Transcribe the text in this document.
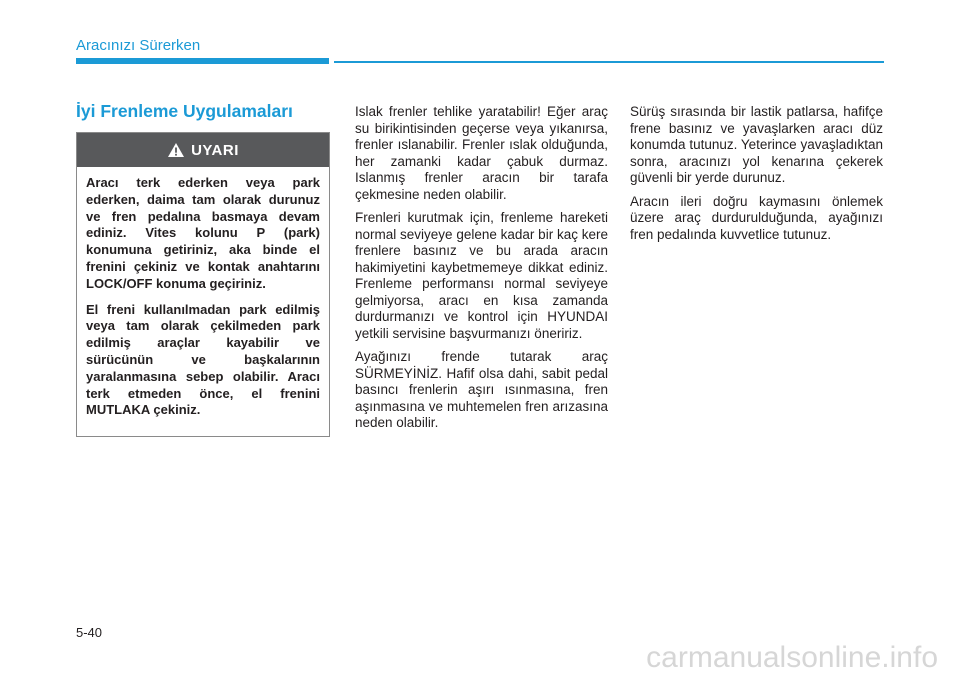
Aracınızı Sürerken
İyi Frenleme Uygulamaları
UYARI

Aracı terk ederken veya park ederken, daima tam olarak durunuz ve fren pedalına basmaya devam ediniz. Vites kolunu P (park) konumuna getiriniz, aka binde el frenini çekiniz ve kontak anahtarını LOCK/OFF konuma geçiriniz.

El freni kullanılmadan park edilmiş veya tam olarak çekilmeden park edilmiş araçlar kayabilir ve sürücünün ve başkalarının yaralanmasına sebep olabilir. Aracı terk etmeden önce, el frenini MUTLAKA çekiniz.

Islak frenler tehlike yaratabilir! Eğer araç su birikintisinden geçerse veya yıkanırsa, frenler ıslanabilir. Frenler ıslak olduğunda, her zamanki kadar çabuk durmaz. Islanmış frenler aracın bir tarafa çekmesine neden olabilir.

Frenleri kurutmak için, frenleme hareketi normal seviyeye gelene kadar bir kaç kere frenlere basınız ve bu arada aracın hakimiyetini kaybetmemeye dikkat ediniz. Frenleme performansı normal seviyeye gelmiyorsa, aracı en kısa zamanda durdurmanızı ve kontrol için HYUNDAI yetkili servisine başvurmanızı öneririz.

Ayağınızı frende tutarak araç SÜRMEYİNİZ. Hafif olsa dahi, sabit pedal basıncı frenlerin aşırı ısınmasına, fren aşınmasına ve muhtemelen fren arızasına neden olabilir.

Sürüş sırasında bir lastik patlarsa, hafifçe frene basınız ve yavaşlarken aracı düz konumda tutunuz. Yeterince yavaşladıktan sonra, aracınızı yol kenarına çekerek güvenli bir yerde durunuz.

Aracın ileri doğru kaymasını önlemek üzere araç durdurulduğunda, ayağınızı fren pedalında kuvvetlice tutunuz.

5-40
carmanualsonline.info
